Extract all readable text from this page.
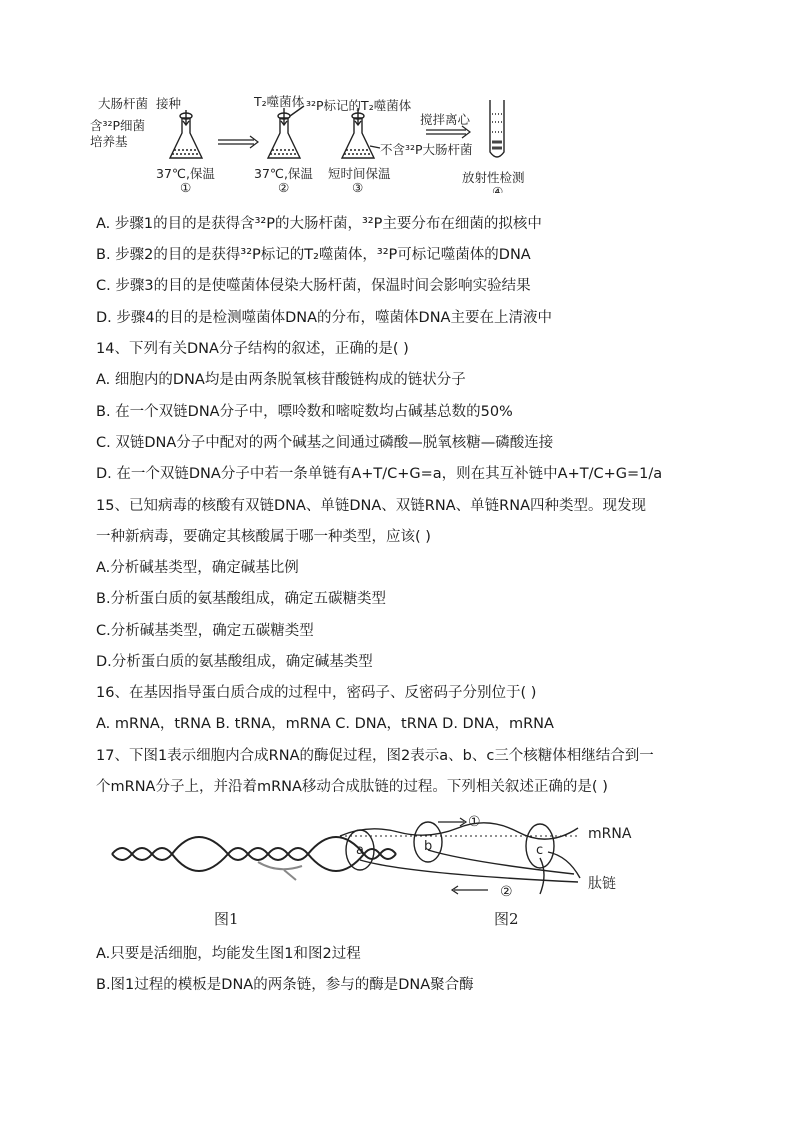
大肠杆菌 接种
含³²P细菌
培养基
T₂噬菌体 ³²P标记的T₂噬菌体
搅拌离心
不含³²P大肠杆菌
37℃,保温	37℃,保温 短时间保温	放射性检测
①	②	③	④
A. 步骤1的目的是获得含³²P的大肠杆菌，³²P主要分布在细菌的拟核中
B. 步骤2的目的是获得³²P标记的T₂噬菌体，³²P可标记噬菌体的DNA
C. 步骤3的目的是使噬菌体侵染大肠杆菌，保温时间会影响实验结果
D. 步骤4的目的是检测噬菌体DNA的分布，噬菌体DNA主要在上清液中
14、下列有关DNA分子结构的叙述，正确的是( )
A. 细胞内的DNA均是由两条脱氧核苷酸链构成的链状分子
B. 在一个双链DNA分子中，嘌呤数和嘧啶数均占碱基总数的50%
C. 双链DNA分子中配对的两个碱基之间通过磷酸—脱氧核糖—磷酸连接
D. 在一个双链DNA分子中若一条单链有A+T/C+G=a，则在其互补链中A+T/C+G=1/a
15、已知病毒的核酸有双链DNA、单链DNA、双链RNA、单链RNA四种类型。现发现
一种新病毒，要确定其核酸属于哪一种类型，应该( )
A.分析碱基类型，确定碱基比例
B.分析蛋白质的氨基酸组成，确定五碳糖类型
C.分析碱基类型，确定五碳糖类型
D.分析蛋白质的氨基酸组成，确定碱基类型
16、在基因指导蛋白质合成的过程中，密码子、反密码子分别位于( )
A. mRNA，tRNA B. tRNA，mRNA C. DNA，tRNA D. DNA，mRNA
17、下图1表示细胞内合成RNA的酶促过程，图2表示a、b、c三个核糖体相继结合到一
个mRNA分子上，并沿着mRNA移动合成肽链的过程。下列相关叙述正确的是( )
a	b	c
①
②
mRNA
肽链
图1	图2
A.只要是活细胞，均能发生图1和图2过程
B.图1过程的模板是DNA的两条链，参与的酶是DNA聚合酶
